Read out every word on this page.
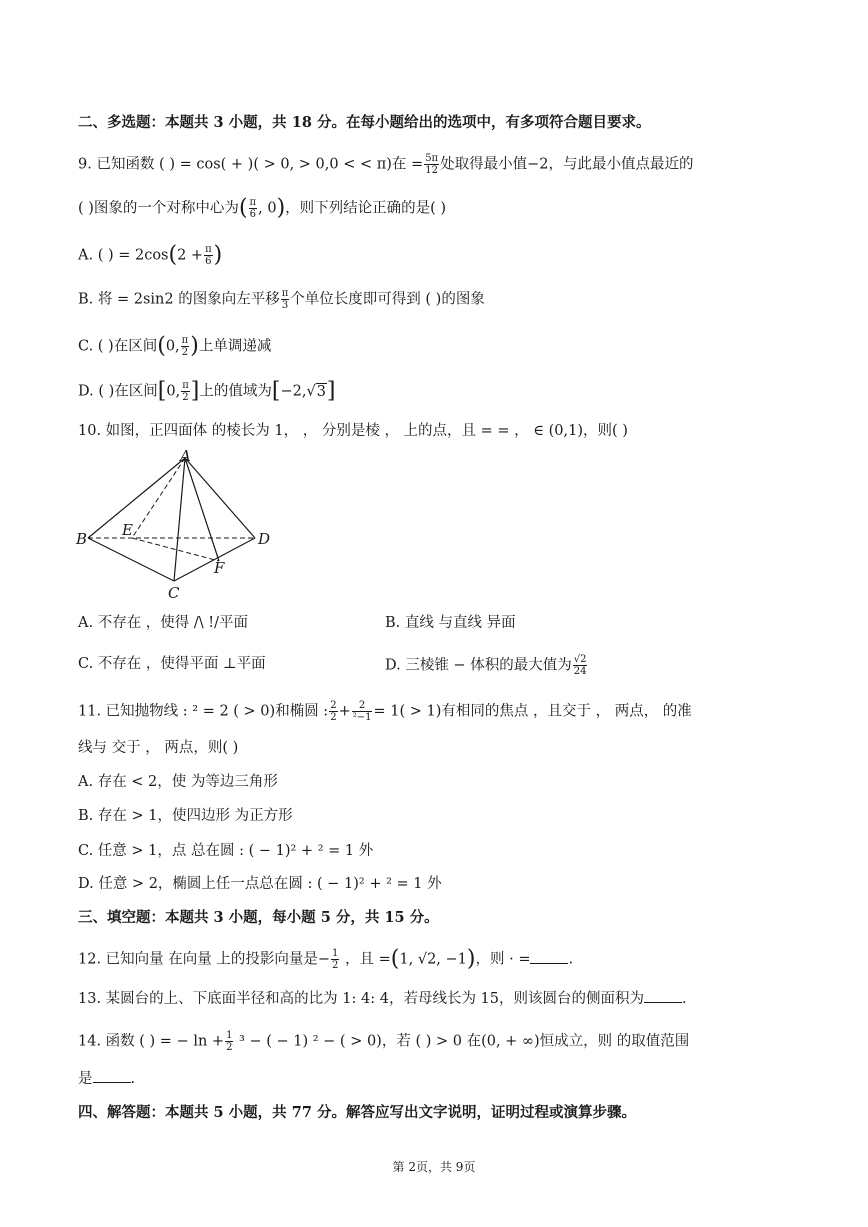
二、多选题：本题共 3 小题，共 18 分。在每小题给出的选项中，有多项符合题目要求。
9. 已知函数 ( ) = cos( + )( > 0, > 0,0 < < π)在 = $\frac{5\pi}{12}$ 处取得最小值−2，与此最小值点最近的
( )图象的一个对称中心为( $\frac{\pi}{6}$ , 0)，则下列结论正确的是( )
A. ( ) = $2\cos(2 + \frac{\pi}{6}$ )
B. 将 = 2sin2 的图象向左平移 $\frac{\pi}{3}$ 个单位长度即可得到 ( )的图象
C. ( )在区间(0, $\frac{\pi}{2}$ )上单调递减
D. ( )在区间[0, $\frac{\pi}{2}$ ]上的值域为[−2,√3]
10. 如图，正四面体 的棱长为 1， ， 分别是棱 ， 上的点，且 = = ， ∈ (0,1)，则( )
A
B
C
D
E
F
A. 不存在 ，使得 /\ !/平面	B. 直线 与直线 异面
C. 不存在 ，使得平面 ⊥平面	D. 三棱锥 − 体积的最大值为 $\frac{√2}{24}$
11. 已知抛物线 : ² = 2 ( > 0)和椭圆 : $\frac{2}{2} + \frac{2}{\text{²−1}} = 1( > 1)$有相同的焦点 ，且交于 ， 两点， 的准
线与 交于 ， 两点，则( )
A. 存在 < 2，使 为等边三角形
B. 存在 > 1，使四边形 为正方形
C. 任意 > 1，点 总在圆 : ( − 1)² + ² = 1 外
D. 任意 > 2，椭圆上任一点总在圆 : ( − 1)² + ² = 1 外
三、填空题：本题共 3 小题，每小题 5 分，共 15 分。
12. 已知向量 在向量 上的投影向量是− $\frac{1}{2}$ ，且 =(1, √2, −1)，则 · =	.
13. 某圆台的上、下底面半径和高的比为 1: 4: 4，若母线长为 15，则该圆台的侧面积为	.
14. 函数 ( ) = − $\ln + \frac{1}{2} ^3$ − ( − 1) ² − ( > 0)，若 ( ) > 0 在(0, + ∞)恒成立，则 的取值范围
是	.
四、解答题：本题共 5 小题，共 77 分。解答应写出文字说明，证明过程或演算步骤。
第 2页，共 9页
